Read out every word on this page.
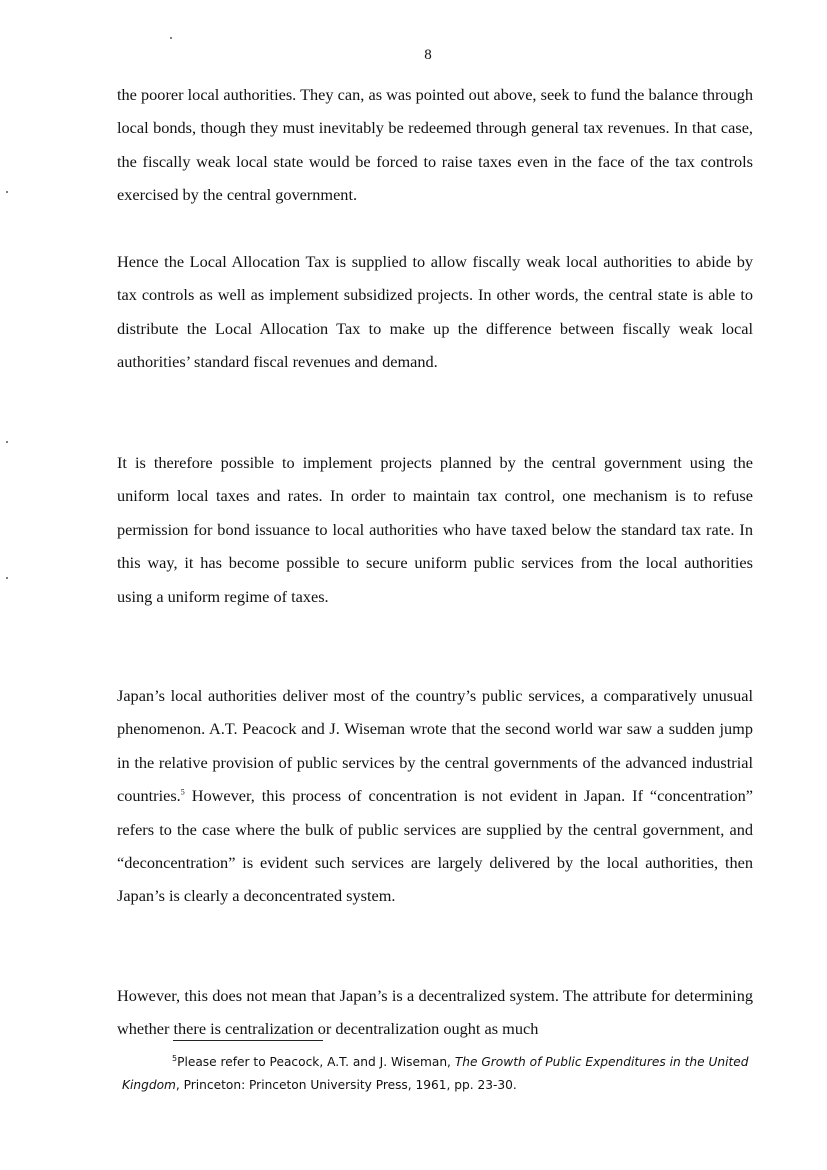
8

the poorer local authorities. They can, as was pointed out above, seek to fund the balance through local bonds, though they must inevitably be redeemed through general tax revenues. In that case, the fiscally weak local state would be forced to raise taxes even in the face of the tax controls exercised by the central government.

Hence the Local Allocation Tax is supplied to allow fiscally weak local authorities to abide by tax controls as well as implement subsidized projects. In other words, the central state is able to distribute the Local Allocation Tax to make up the difference between fiscally weak local authorities’ standard fiscal revenues and demand.

It is therefore possible to implement projects planned by the central government using the uniform local taxes and rates. In order to maintain tax control, one mechanism is to refuse permission for bond issuance to local authorities who have taxed below the standard tax rate. In this way, it has become possible to secure uniform public services from the local authorities using a uniform regime of taxes.

Japan’s local authorities deliver most of the country’s public services, a comparatively unusual phenomenon. A.T. Peacock and J. Wiseman wrote that the second world war saw a sudden jump in the relative provision of public services by the central governments of the advanced industrial countries.$^5$ However, this process of concentration is not evident in Japan. If “concentration” refers to the case where the bulk of public services are supplied by the central government, and “deconcentration” is evident such services are largely delivered by the local authorities, then Japan’s is clearly a deconcentrated system.

However, this does not mean that Japan’s is a decentralized system. The attribute for determining whether there is centralization or decentralization ought as much

$^5$Please refer to Peacock, A.T. and J. Wiseman, The Growth of Public Expenditures in the United Kingdom, Princeton: Princeton University Press, 1961, pp. 23-30.
